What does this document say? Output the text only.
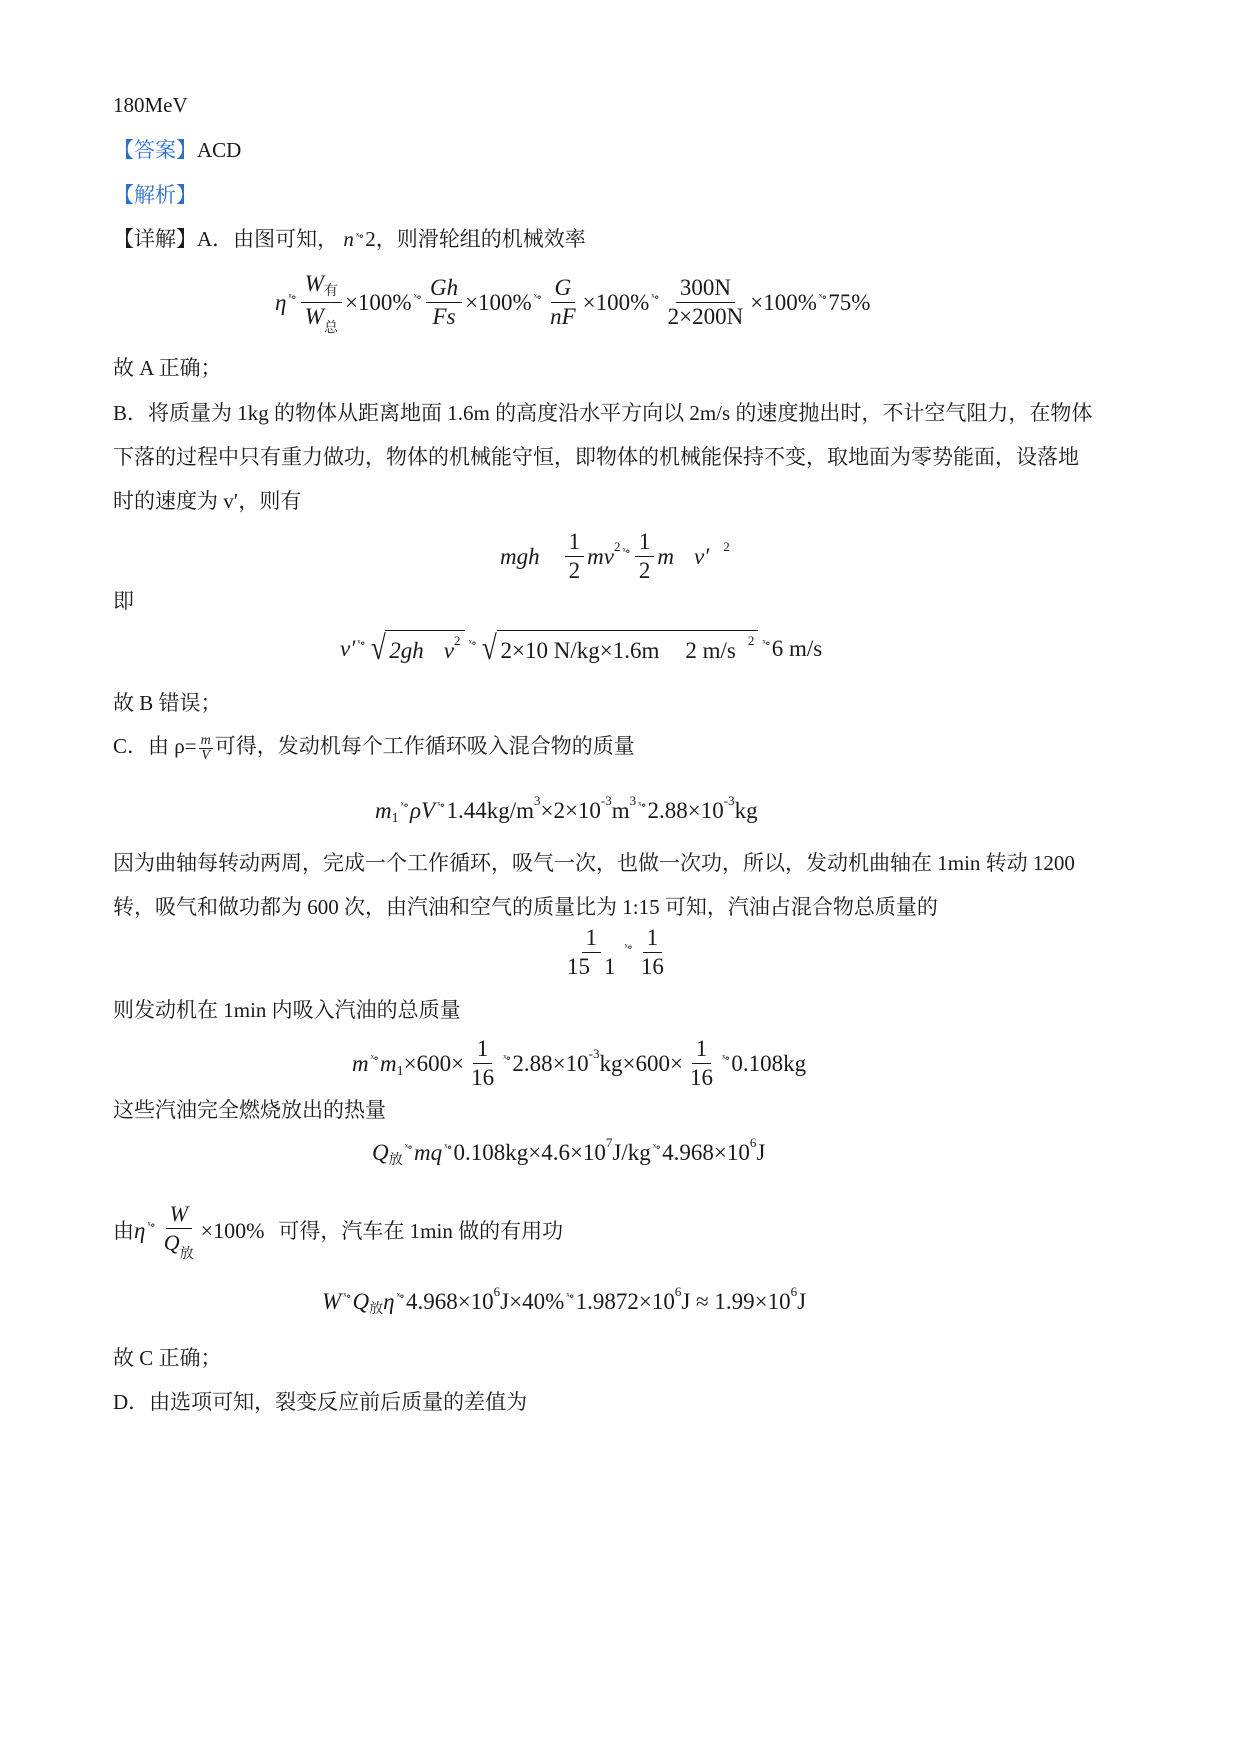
180MeV
【答案】ACD
【解析】
【详解】A．由图可知， n $^{ˣ\circ}$2，则滑轮组的机械效率
η ˣ∘ $\frac{\text{W有}}{W_总} \times 100\%$ ˣ∘ $\frac{Gh}{Fs} \times 100\%$ ˣ∘ $\frac{G}{nF} \times 100\%$ ˣ∘ $\frac{300N}{2\times 200N} \times 100\%$ ˣ∘ 75%
故 A 正确；
B．将质量为 1kg 的物体从距离地面 1.6m 的高度沿水平方向以 2m/s 的速度抛出时，不计空气阻力，在物体
下落的过程中只有重力做功，物体的机械能守恒，即物体的机械能保持不变，取地面为零势能面，设落地
时的速度为 v′，则有
mgh $\frac{1}{2}$ mv 2 ˣ∘ $\frac{1}{2}$ m v′ 2
即
v′ ˣ∘ √ 2gh v 2 ˣ∘ √ 2×10 N/kg×1.6m 2 m/s 2 ˣ∘ 6 m/s
故 B 错误；
C．由 $\rho= \frac{m}{V}$ 可得，发动机每个工作循环吸入混合物的质量
m 1
ˣ∘ ρV ˣ∘ 1.44kg/m 3 ×2×10 -3 m 3 ˣ∘ 2.88×10 -3 kg
因为曲轴每转动两周，完成一个工作循环，吸气一次，也做一次功，所以，发动机曲轴在 1min 转动 1200
转，吸气和做功都为 600 次，由汽油和空气的质量比为 1:15 可知，汽油占混合物总质量的
$\frac{1}{15 1}$ ˣ∘ $\frac{1}{16}$
则发动机在 1min 内吸入汽油的总质量
m ˣ∘ m $1 \times 600\times \frac{1}{16}$ ˣ∘ 2.88×10 -3 kg $\times 600\times \frac{1}{16}$ ˣ∘ 0.108kg
这些汽油完全燃烧放出的热量
Q 放
ˣ∘ mq ˣ∘ 0.108kg×4.6×10 7 J/kg ˣ∘ 4.968×10 6 J
由 η ˣ∘ $\frac{W}{Q_放} \times 100\%$ 可得，汽车在 1min 做的有用功
W ˣ∘ Q 放 η ˣ∘ 4.968×10 6 J×40% ˣ∘ 1.9872×10 6 J ≈ 1.99×10 6 J
故 C 正确；
D．由选项可知，裂变反应前后质量的差值为
